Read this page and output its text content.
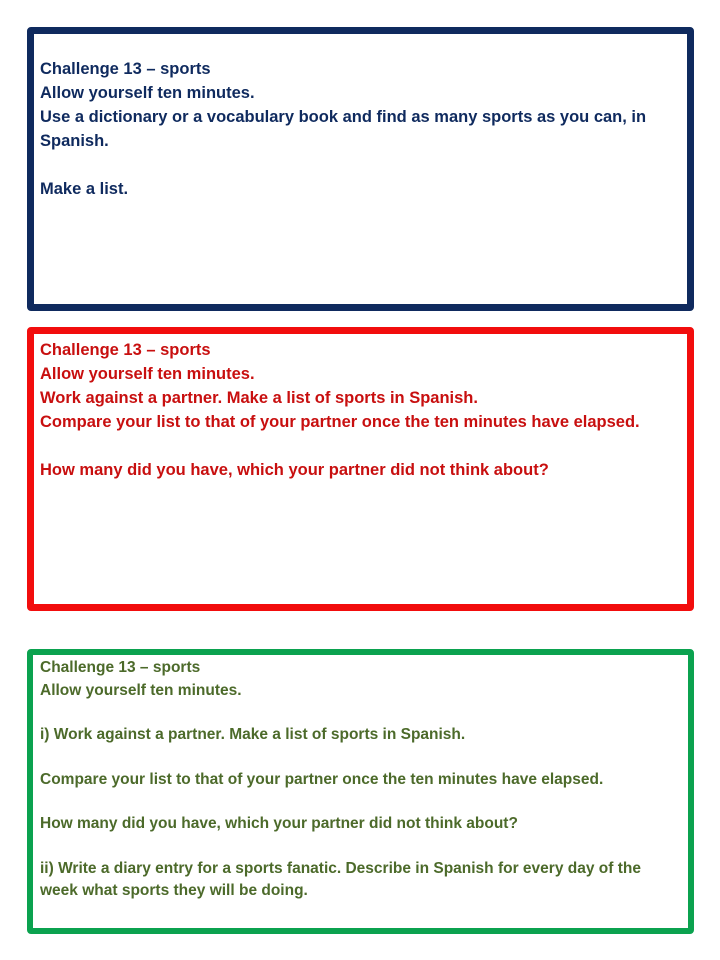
Challenge 13 – sports

Allow yourself ten minutes.

Use a dictionary or a vocabulary book and find as many sports as you can, in Spanish.

Make a list.

Challenge 13 – sports

Allow yourself ten minutes.

Work against a partner. Make a list of sports in Spanish.

Compare your list to that of your partner once the ten minutes have elapsed.

How many did you have, which your partner did not think about?

Challenge 13 – sports

Allow yourself ten minutes.

i) Work against a partner. Make a list of sports in Spanish.

Compare your list to that of your partner once the ten minutes have elapsed.

How many did you have, which your partner did not think about?

ii) Write a diary entry for a sports fanatic. Describe in Spanish for every day of the week what sports they will be doing.
